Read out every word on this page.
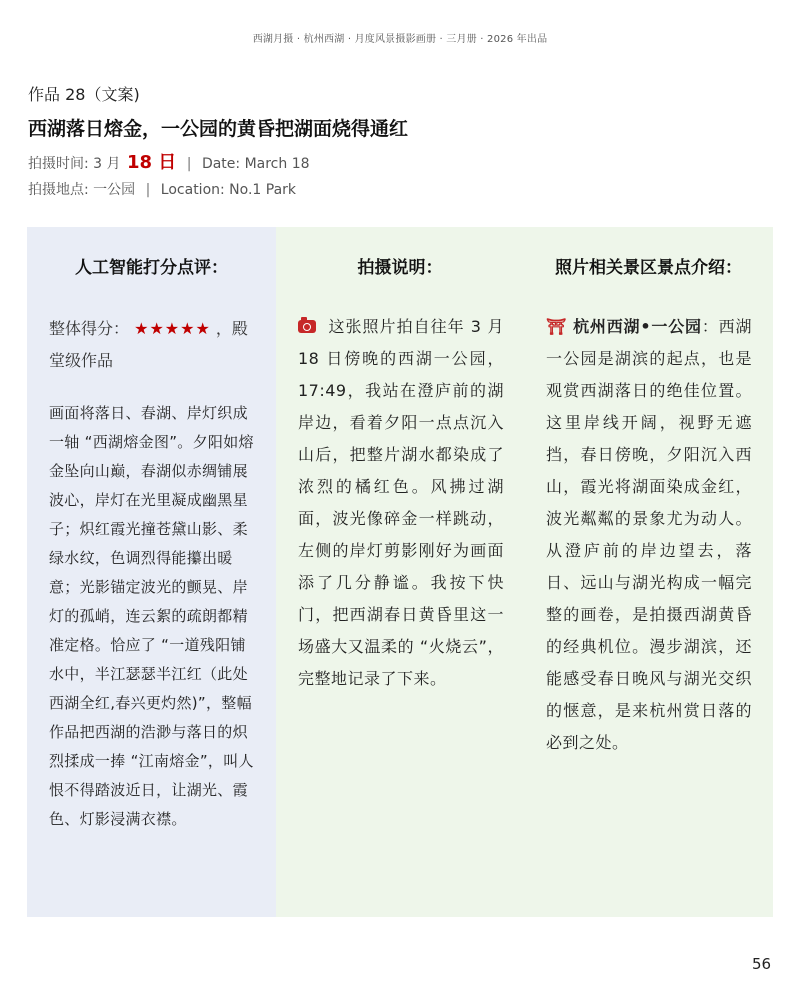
西湖月摄 · 杭州西湖 · 月度风景摄影画册 · 三月册 · 2026 年出品
作品 28（文案)
西湖落日熔金，一公园的黄昏把湖面烧得通红
拍摄时间: 3 月 18 日 | Date: March 18
拍摄地点: 一公园 | Location: No.1 Park
人工智能打分点评：
整体得分： ★★★★★ ，殿堂级作品
画面将落日、春湖、岸灯织成一轴 “西湖熔金图”。夕阳如熔金坠向山巅，春湖似赤绸铺展波心，岸灯在光里凝成幽黑星子；炽红霞光撞苍黛山影、柔绿水纹，色调烈得能攥出暖意；光影锚定波光的颤晃、岸灯的孤峭，连云絮的疏朗都精准定格。恰应了 “一道残阳铺水中，半江瑟瑟半江红（此处西湖全红,春兴更灼然)”，整幅作品把西湖的浩渺与落日的炽烈揉成一捧 “江南熔金”，叫人恨不得踏波近日，让湖光、霞色、灯影浸满衣襟。
拍摄说明：
这张照片拍自往年 3 月 18 日傍晚的西湖一公园，17:49，我站在澄庐前的湖岸边，看着夕阳一点点沉入山后，把整片湖水都染成了浓烈的橘红色。风拂过湖面，波光像碎金一样跳动，左侧的岸灯剪影刚好为画面添了几分静谧。我按下快门，把西湖春日黄昏里这一场盛大又温柔的 “火烧云”，完整地记录了下来。
照片相关景区景点介绍：
⛩ 杭州西湖•一公园：西湖一公园是湖滨的起点，也是观赏西湖落日的绝佳位置。这里岸线开阔，视野无遮挡，春日傍晚，夕阳沉入西山，霞光将湖面染成金红，波光粼粼的景象尤为动人。从澄庐前的岸边望去，落日、远山与湖光构成一幅完整的画卷，是拍摄西湖黄昏的经典机位。漫步湖滨，还能感受春日晚风与湖光交织的惬意，是来杭州赏日落的必到之处。
56
